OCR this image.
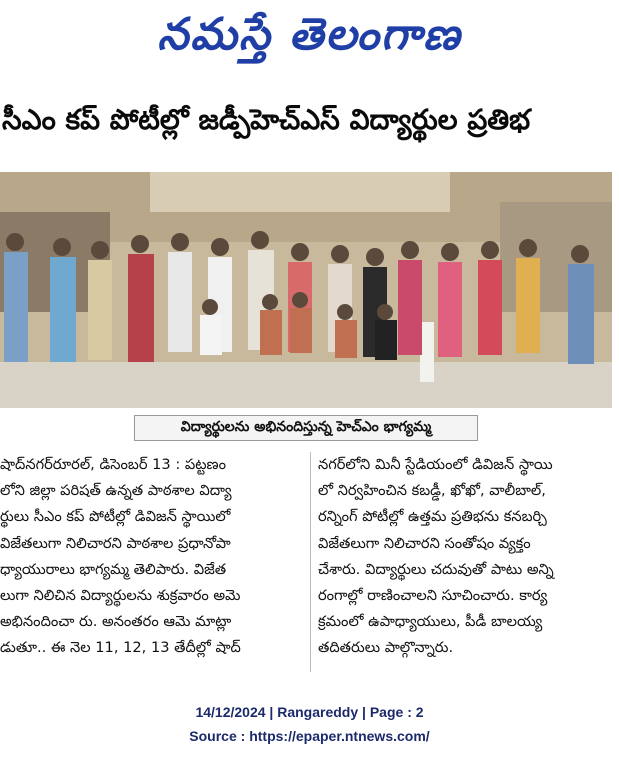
నమస్తే తెలంగాణ
సీఎం కప్ పోటీల్లో జడ్పీహెచ్ఎస్ విద్యార్థుల ప్రతిభ
విద్యార్థులను అభినందిస్తున్న హెచ్ఎం భాగ్యమ్మ
షాద్‌నగర్‌రూరల్, డిసెంబర్ 13 : పట్టణం
లోని జిల్లా పరిషత్ ఉన్నత పాఠశాల విద్యా
ర్థులు సీఎం కప్ పోటీల్లో డివిజన్ స్థాయిలో
విజేతలుగా నిలిచారని పాఠశాల ప్రధానోపా
ధ్యాయురాలు భాగ్యమ్మ తెలిపారు. విజేత
లుగా నిలిచిన విద్యార్థులను శుక్రవారం అమె
అభినందించా రు. అనంతరం ఆమె మాట్లా
డుతూ.. ఈ నెల 11, 12, 13 తేదీల్లో షాద్
నగర్‌లోని మినీ స్టేడియంలో డివిజన్ స్థాయి
లో నిర్వహించిన కబడ్డీ, ఖోఖో, వాలీబాల్,
రన్నింగ్ పోటీల్లో ఉత్తమ ప్రతిభను కనబర్చి
విజేతలుగా నిలిచారని సంతోషం వ్యక్తం
చేశారు. విద్యార్థులు చదువుతో పాటు అన్ని
రంగాల్లో రాణించాలని సూచించారు. కార్య
క్రమంలో ఉపాధ్యాయులు, పీడీ బాలయ్య
తదితరులు పాల్గొన్నారు.
14/12/2024 | Rangareddy | Page : 2
Source : https://epaper.ntnews.com/
